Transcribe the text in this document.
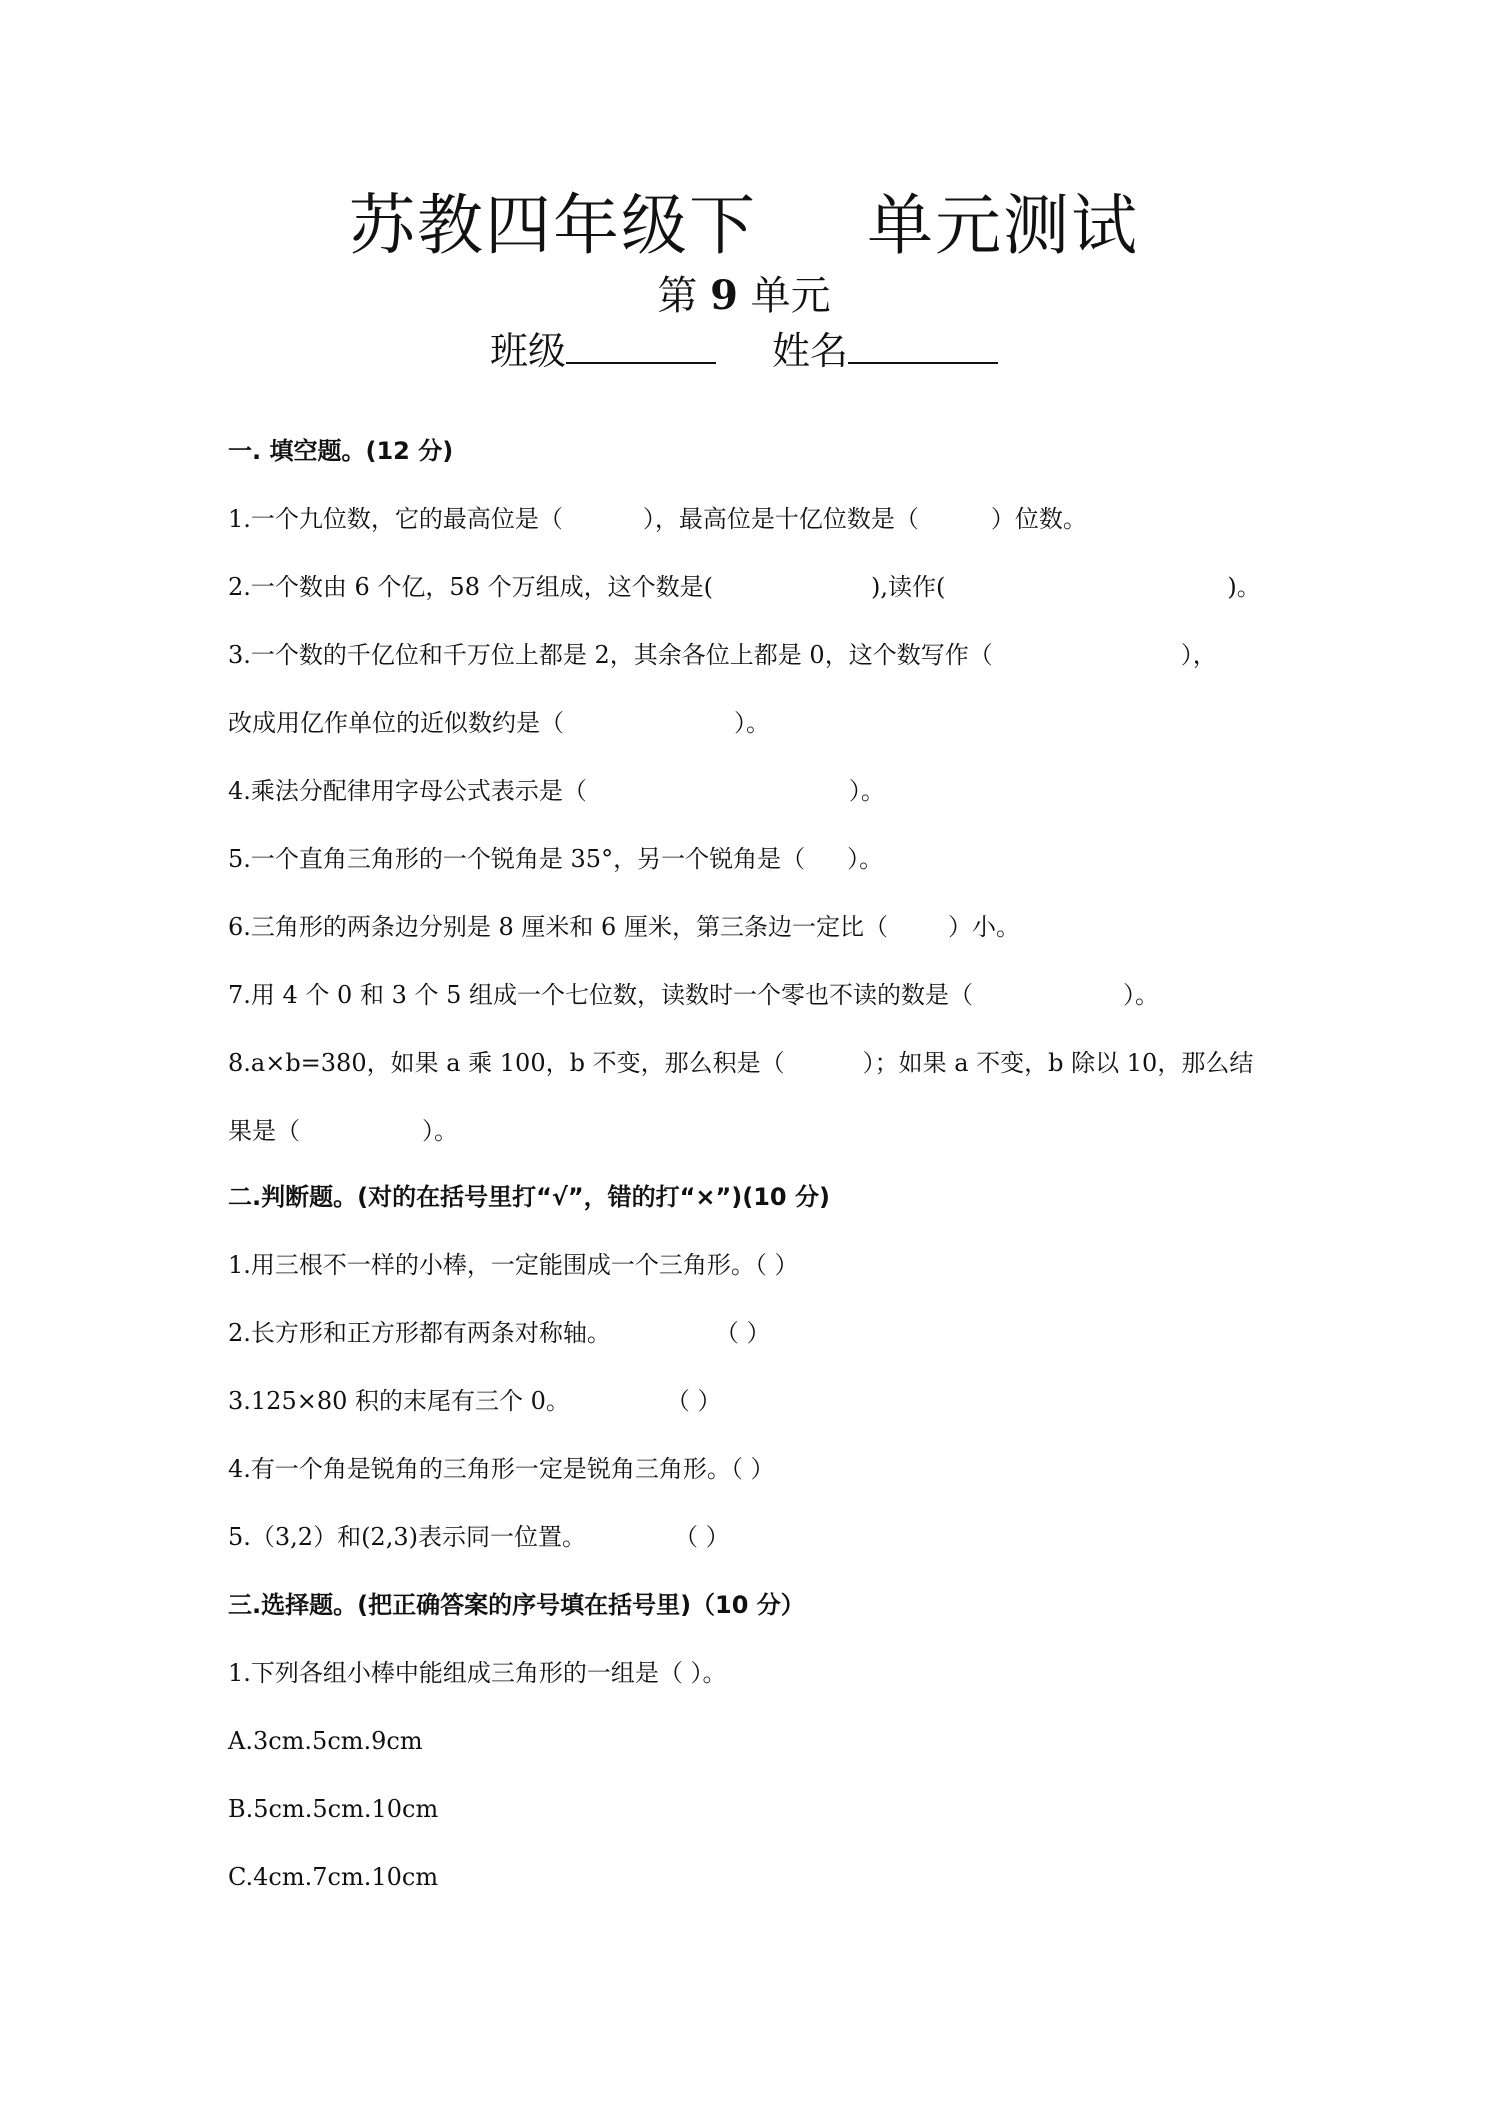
苏教四年级下 单元测试
第 9 单元
班级	姓名
一. 填空题。(12 分)
1.一个九位数，它的最高位是（	），最高位是十亿位数是（	）位数。
2.一个数由 6 个亿，58 个万组成，这个数是(	),读作(	)。
3.一个数的千亿位和千万位上都是 2，其余各位上都是 0，这个数写作（	），
改成用亿作单位的近似数约是（	）。
4.乘法分配律用字母公式表示是（	）。
5.一个直角三角形的一个锐角是 35°，另一个锐角是（ ）。
6.三角形的两条边分别是 8 厘米和 6 厘米，第三条边一定比（	）小。
7.用 4 个 0 和 3 个 5 组成一个七位数，读数时一个零也不读的数是（	）。
8.a×b=380，如果 a 乘 100，b 不变，那么积是（	）；如果 a 不变，b 除以 10，那么结
果是（	）。
二.判断题。(对的在括号里打“√”，错的打“×”)(10 分)
1.用三根不一样的小棒，一定能围成一个三角形。（ ）
2.长方形和正方形都有两条对称轴。	（ ）
3.125×80 积的末尾有三个 0。	（ ）
4.有一个角是锐角的三角形一定是锐角三角形。（ ）
5.（3,2）和(2,3)表示同一位置。	（ ）
三.选择题。(把正确答案的序号填在括号里)（10 分）
1.下列各组小棒中能组成三角形的一组是（ ）。
A.3cm.5cm.9cm
B.5cm.5cm.10cm
C.4cm.7cm.10cm
